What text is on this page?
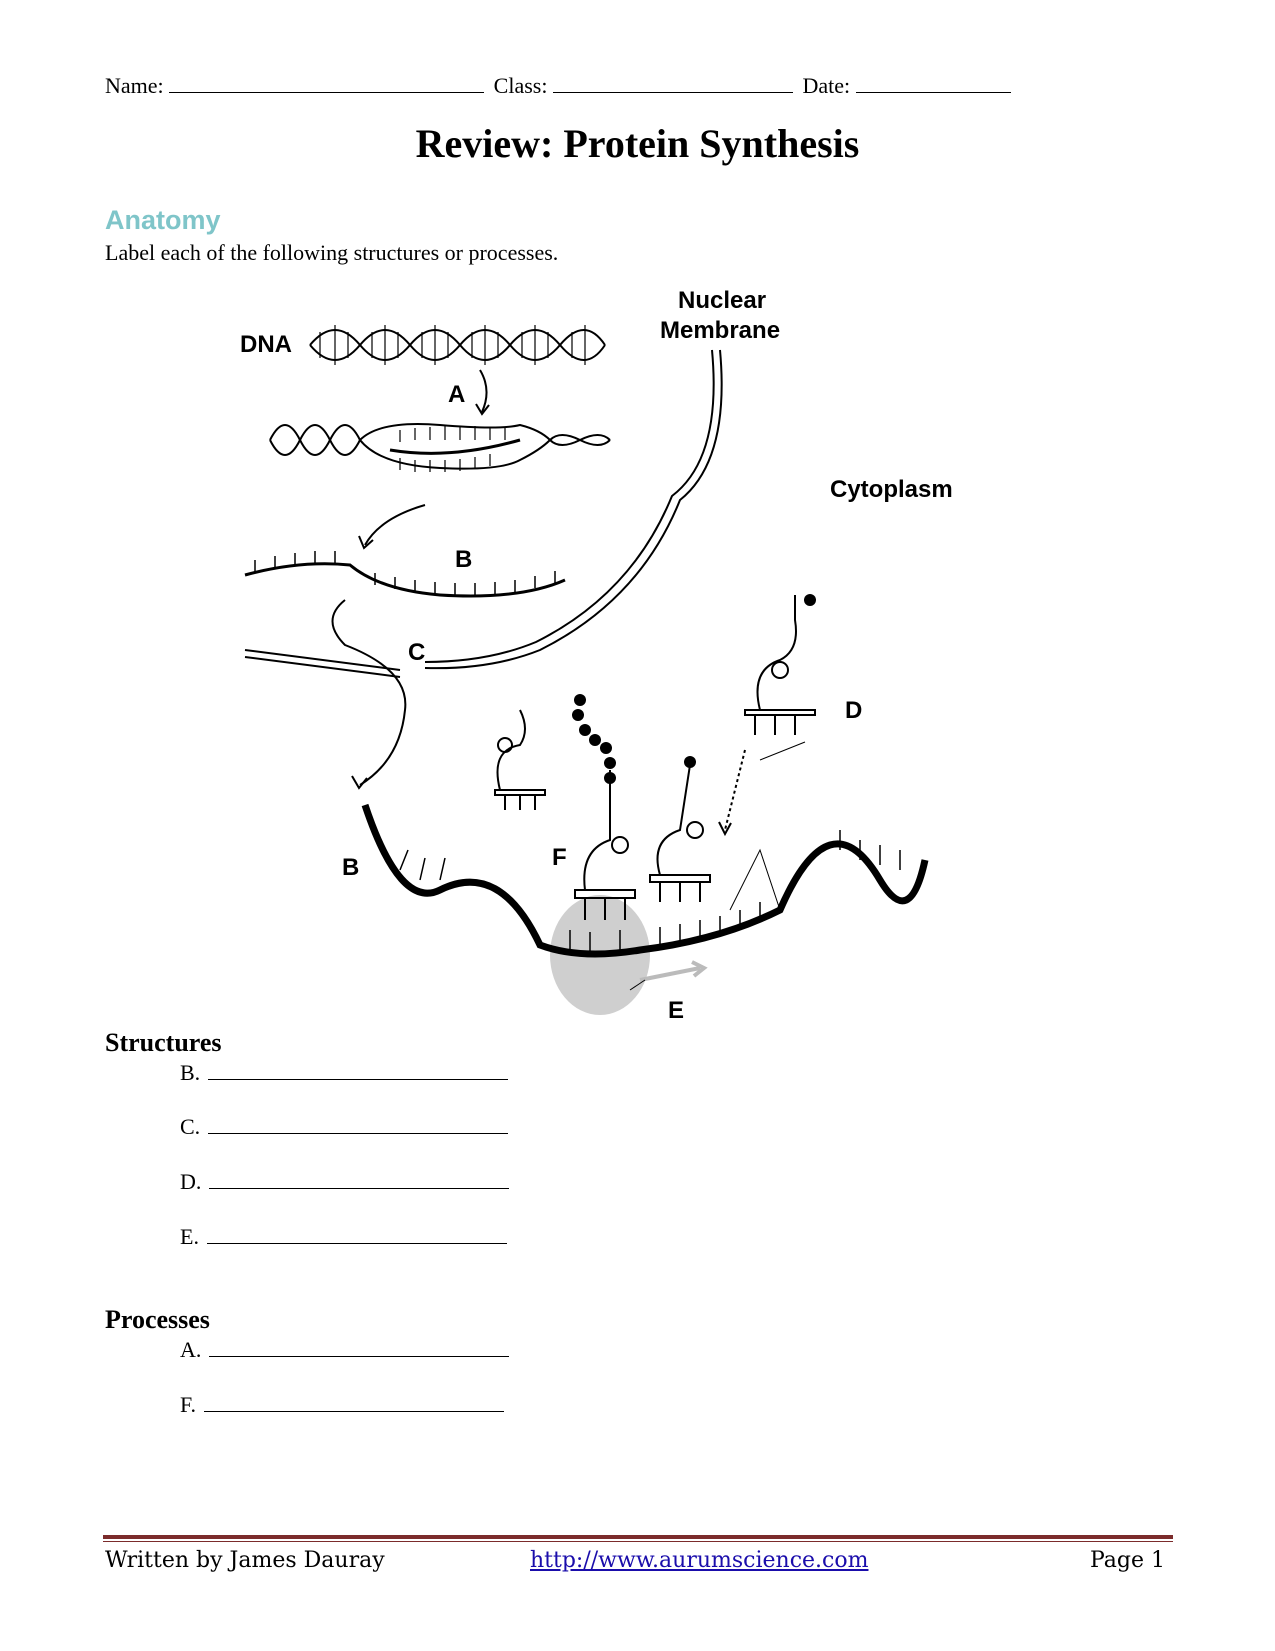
Name:	Class:	Date:
Review: Protein Synthesis
Anatomy
Label each of the following structures or processes.
DNA
Nuclear
Membrane
Cytoplasm
A
B
C
D
B	F
E
Structures
B.
C.
D.
E.
Processes
A.
F.
Written by James Dauray	http://www.aurumscience.com	Page 1
